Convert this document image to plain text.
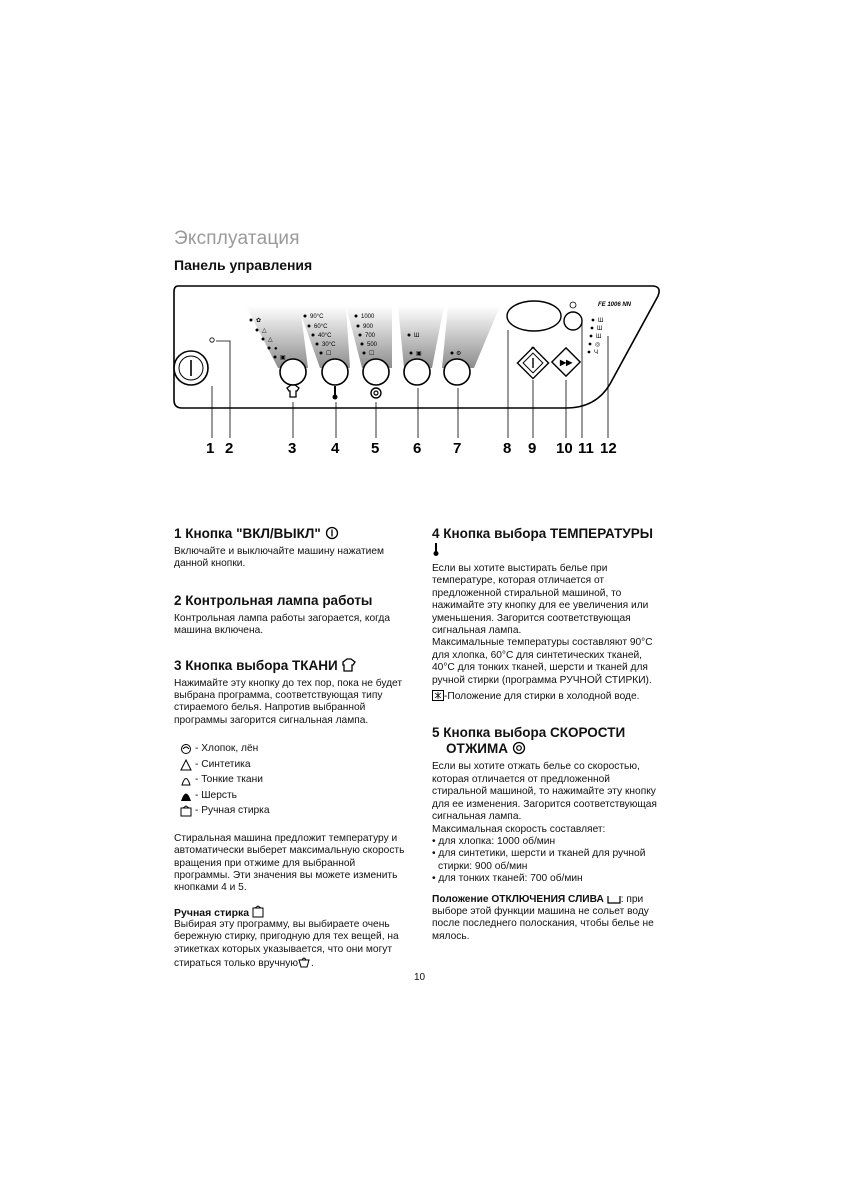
Эксплуатация
Панель управления
✿
△
△
●
▣
90°C
60°C
40°C
30°C
☐
1000
900
700
500
☐
Ш
▣	⚙
FE 1006 NN
Ш
Ш
Ш
◎
Ч
▶▶
1 2	3 4 5 6 7	8 9 10 11 12
1 Кнопка "ВКЛ/ВЫКЛ"

Включайте и выключайте машину нажатием данной кнопки.

2 Контрольная лампа работы

Контрольная лампа работы загорается, когда машина включена.

3 Кнопка выбора ТКАНИ

Нажимайте эту кнопку до тех пор, пока не будет выбрана программа, соответствующая типу стираемого белья. Напротив выбранной программы загорится сигнальная лампа.

- Хлопок, лён
- Синтетика
- Тонкие ткани
- Шерсть
- Ручная стирка

Стиральная машина предложит температуру и автоматически выберет максимальную скорость вращения при отжиме для выбранной программы. Эти значения вы можете изменить кнопками 4 и 5.

Ручная стирка

Выбирая эту программу, вы выбираете очень бережную стирку, пригодную для тех вещей, на этикетках которых указывается, что они могут стираться только вручную .

4 Кнопка выбора ТЕМПЕРАТУРЫ

Если вы хотите выстирать белье при температуре, которая отличается от предложенной стиральной машиной, то нажимайте эту кнопку для ее увеличения или уменьшения. Загорится соответствующая сигнальная лампа.

Максимальные температуры составляют 90°C для хлопка, 60°C для синтетических тканей, 40°C для тонких тканей, шерсти и тканей для ручной стирки (программа РУЧНОЙ СТИРКИ).

-Положение для стирки в холодной воде.

5 Кнопка выбора СКОРОСТИ
ОТЖИМА

Если вы хотите отжать белье со скоростью, которая отличается от предложенной стиральной машиной, то нажимайте эту кнопку для ее изменения. Загорится соответствующая сигнальная лампа.

Максимальная скорость составляет:

• для хлопка: 1000 об/мин

• для синтетики, шерсти и тканей для ручной стирки: 900 об/мин

• для тонких тканей: 700 об/мин

Положение ОТКЛЮЧЕНИЯ СЛИВА : при выборе этой функции машина не сольет воду после последнего полоскания, чтобы белье не мялось.

10
